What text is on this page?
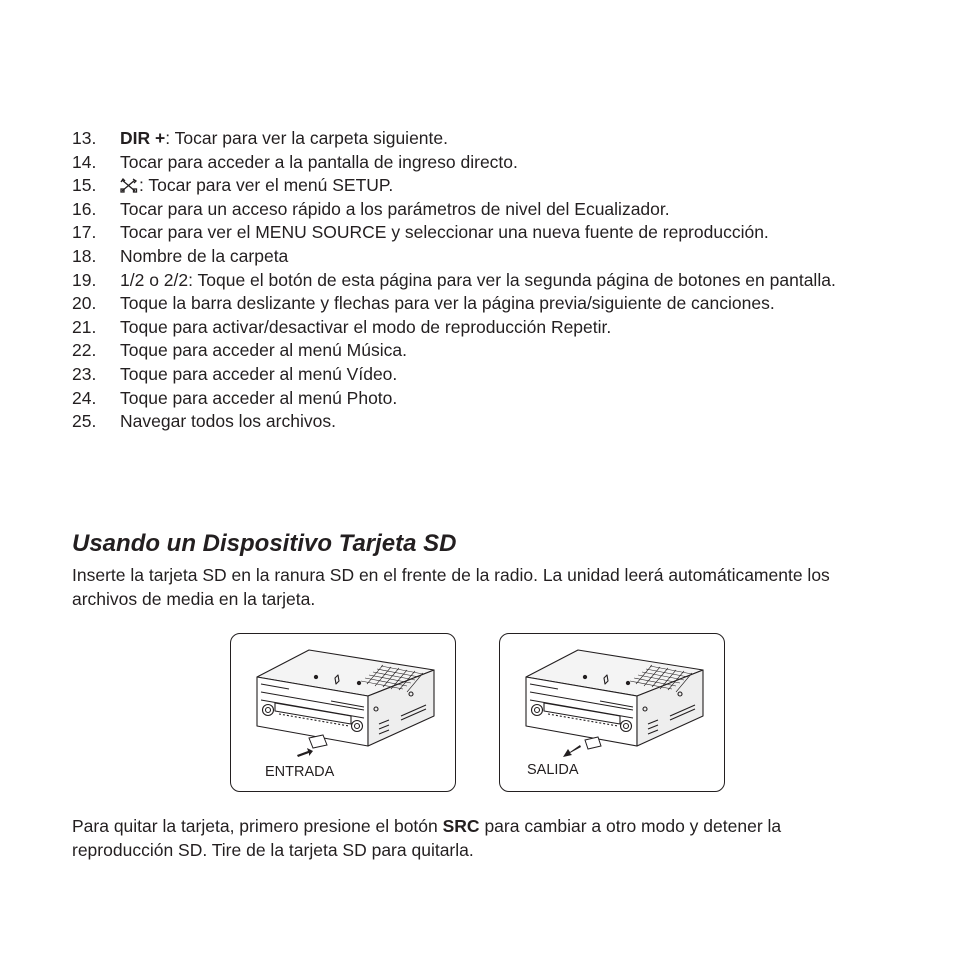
13. DIR +: Tocar para ver la carpeta siguiente.
14. Tocar para acceder a la pantalla de ingreso directo.
15. : Tocar para ver el menú SETUP.
16. Tocar para un acceso rápido a los parámetros de nivel del Ecualizador.
17. Tocar para ver el MENU SOURCE y seleccionar una nueva fuente de reproducción.
18. Nombre de la carpeta
19. 1/2 o 2/2: Toque el botón de esta página para ver la segunda página de botones en pantalla.
20. Toque la barra deslizante y flechas para ver la página previa/siguiente de canciones.
21. Toque para activar/desactivar el modo de reproducción Repetir.
22. Toque para acceder al menú Música.
23. Toque para acceder al menú Vídeo.
24. Toque para acceder al menú Photo.
25. Navegar todos los archivos.
Usando un Dispositivo Tarjeta SD

Inserte la tarjeta SD en la ranura SD en el frente de la radio. La unidad leerá automáticamente los archivos de media en la tarjeta.

ENTRADA	SALIDA

Para quitar la tarjeta, primero presione el botón SRC para cambiar a otro modo y detener la reproducción SD. Tire de la tarjeta SD para quitarla.
